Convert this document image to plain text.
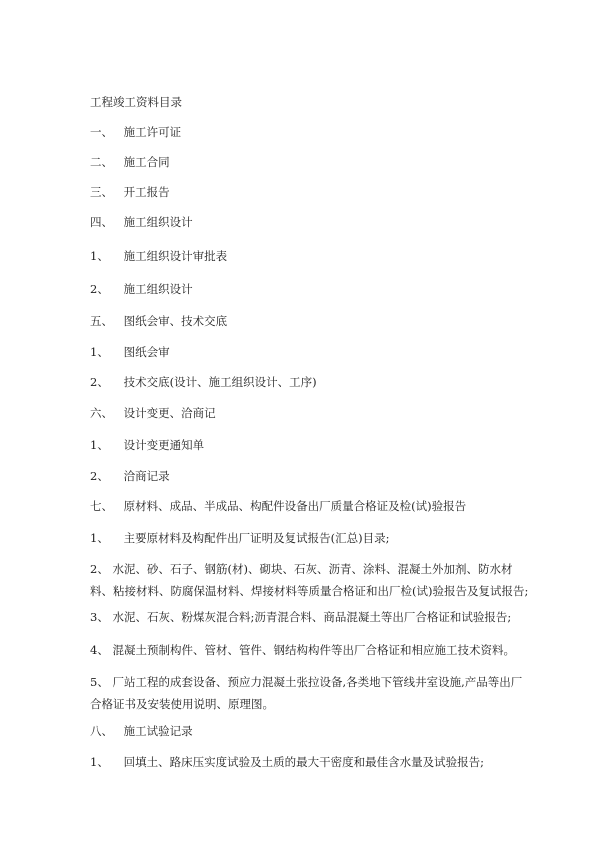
工程竣工资料目录
一、 施工许可证
二、 施工合同
三、 开工报告
四、 施工组织设计
1、 施工组织设计审批表
2、 施工组织设计
五、 图纸会审、技术交底
1、 图纸会审
2、 技术交底(设计、施工组织设计、工序)
六、 设计变更、洽商记
1、 设计变更通知单
2、 洽商记录
七、 原材料、成品、半成品、构配件设备出厂质量合格证及检(试)验报告
1、 主要原材料及构配件出厂证明及复试报告(汇总)目录;
2、 水泥、砂、石子、钢筋(材)、砌块、石灰、沥青、涂料、混凝土外加剂、防水材料、粘接材料、防腐保温材料、焊接材料等质量合格证和出厂检(试)验报告及复试报告;
3、 水泥、石灰、粉煤灰混合料;沥青混合料、商品混凝土等出厂合格证和试验报告;
4、 混凝土预制构件、管材、管件、钢结构构件等出厂合格证和相应施工技术资料。
5、 厂站工程的成套设备、预应力混凝土张拉设备,各类地下管线井室设施,产品等出厂合格证书及安装使用说明、原理图。
八、 施工试验记录
1、 回填土、路床压实度试验及土质的最大干密度和最佳含水量及试验报告;
